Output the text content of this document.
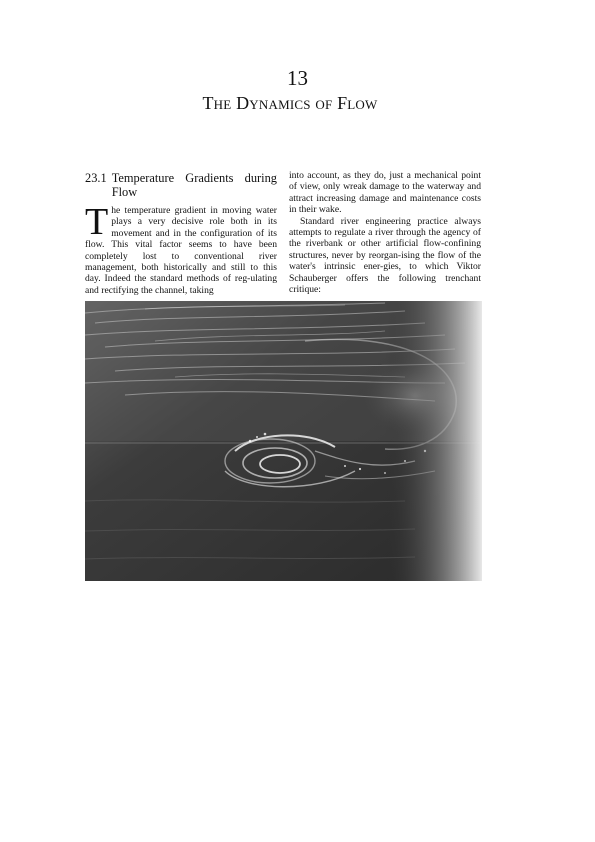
13
The Dynamics of Flow
23.1 Temperature Gradients during Flow

The temperature gradient in moving water plays a very decisive role both in its movement and in the configuration of its flow. This vital factor seems to have been completely lost to conventional river management, both historically and still to this day. Indeed the standard methods of reg-ulating and rectifying the channel, taking

into account, as they do, just a mechanical point of view, only wreak damage to the waterway and attract increasing damage and maintenance costs in their wake.

Standard river engineering practice always attempts to regulate a river through the agency of the riverbank or other artificial flow-confining structures, never by reorgan-ising the flow of the water's intrinsic ener-gies, to which Viktor Schauberger offers the following trenchant critique:
